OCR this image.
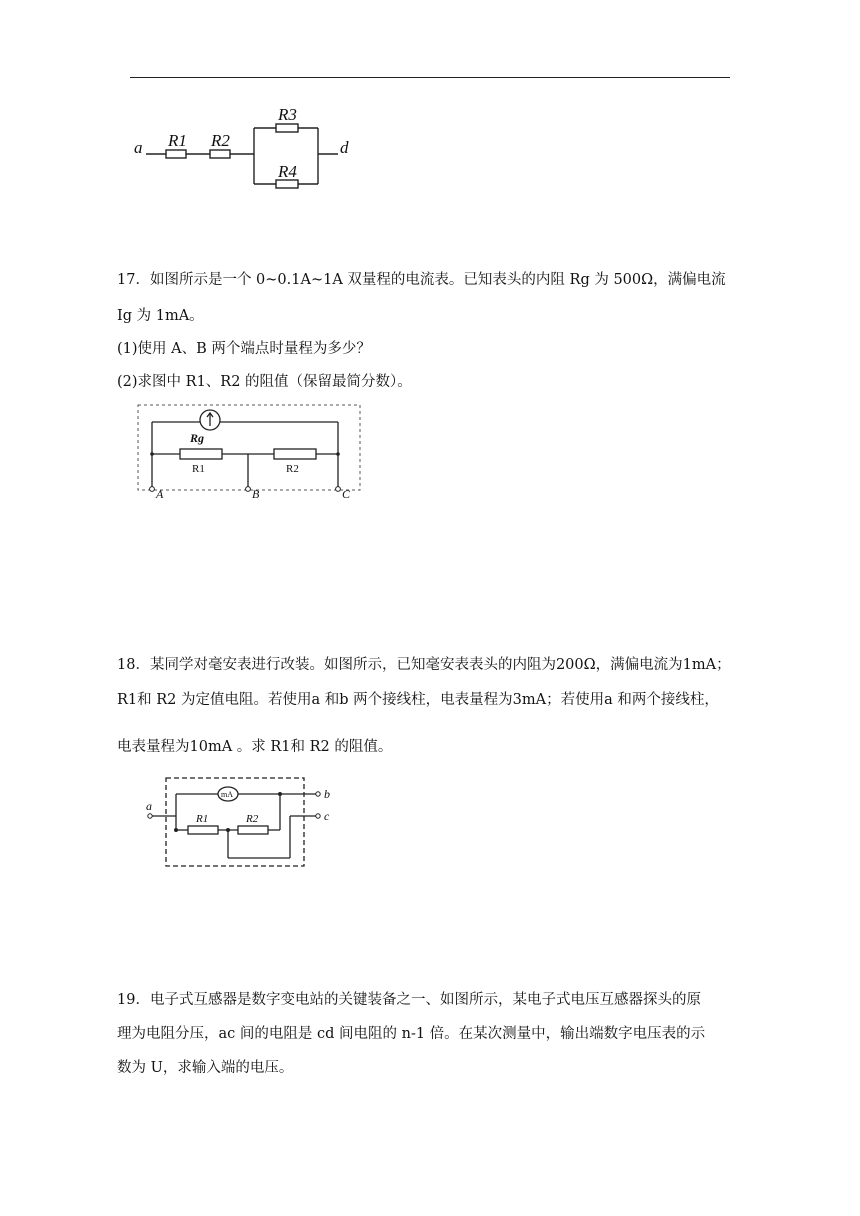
a	d
R1 R2
R3
R4
17．如图所示是一个 0~0.1A~1A 双量程的电流表。已知表头的内阻 Rg 为 500Ω，满偏电流
Ig 为 1mA。
(1)使用 A、B 两个端点时量程为多少？
(2)求图中 R1、R2 的阻值（保留最简分数）。
Rg
R1	R2
A	B	C
18．某同学对毫安表进行改装。如图所示，已知毫安表表头的内阻为200Ω，满偏电流为1mA；
R1和 R2 为定值电阻。若使用a 和b 两个接线柱，电表量程为3mA；若使用a 和两个接线柱，
电表量程为10mA 。求 R1和 R2 的阻值。
mA
a
b
c
R1	R2
19．电子式互感器是数字变电站的关键装备之一、如图所示，某电子式电压互感器探头的原
理为电阻分压，ac 间的电阻是 cd 间电阻的 n-1 倍。在某次测量中，输出端数字电压表的示
数为 U，求输入端的电压。
